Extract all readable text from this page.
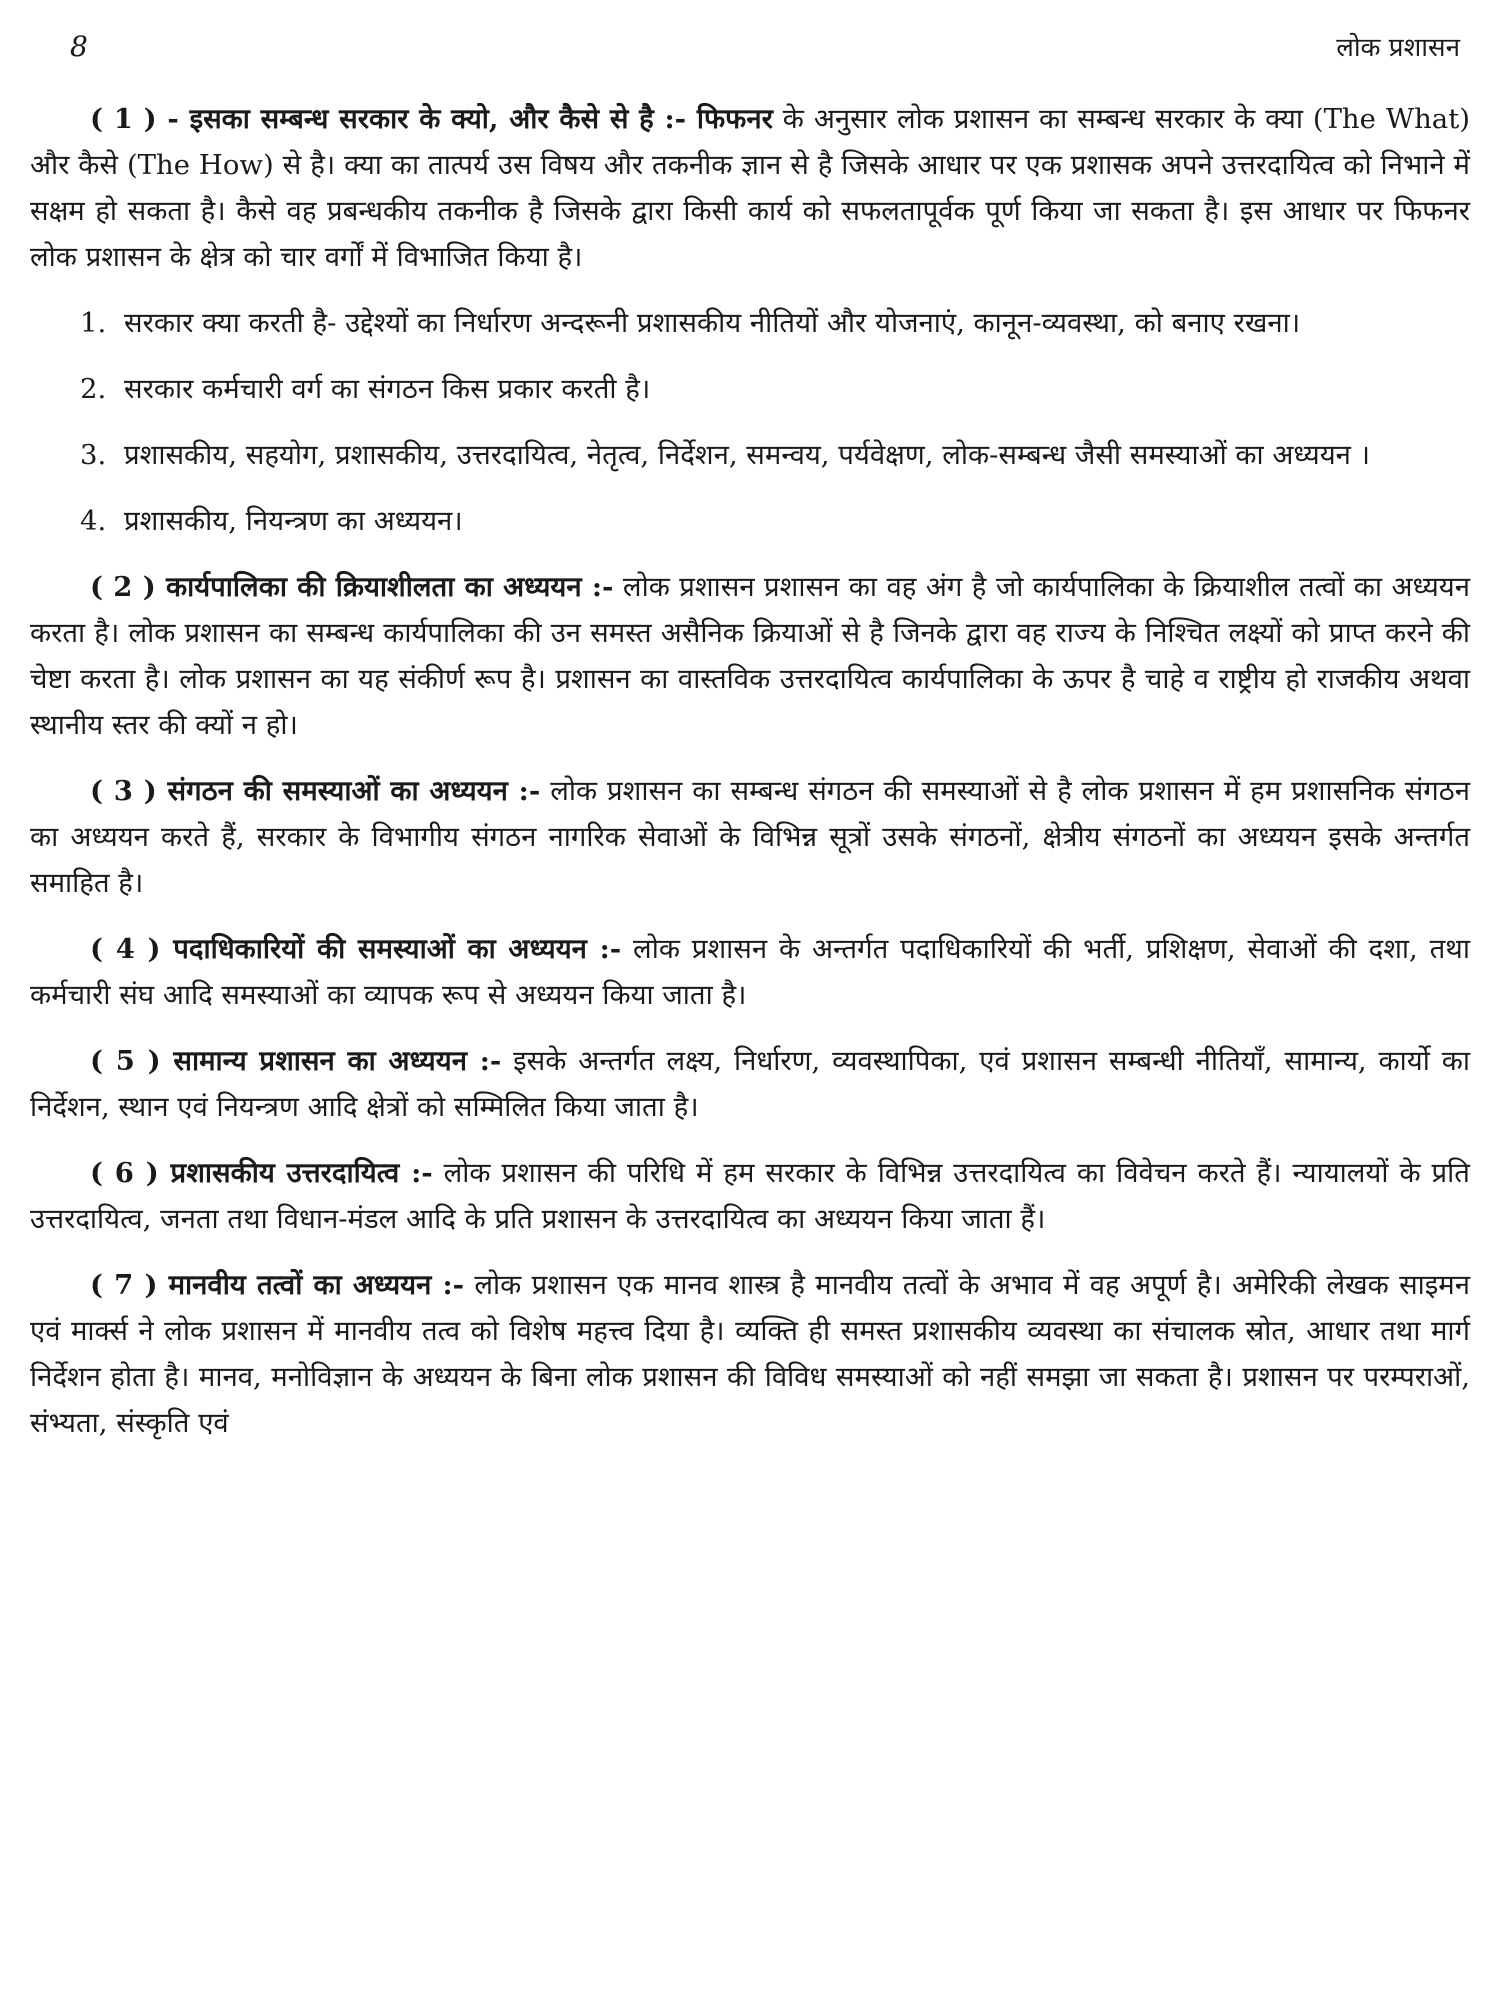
8	लोक प्रशासन

( 1 ) - इसका सम्बन्ध सरकार के क्यो, और कैसे से है :- फिफनर के अनुसार लोक प्रशासन का सम्बन्ध सरकार के क्या (The What) और कैसे (The How) से है। क्या का तात्पर्य उस विषय और तकनीक ज्ञान से है जिसके आधार पर एक प्रशासक अपने उत्तरदायित्व को निभाने में सक्षम हो सकता है। कैसे वह प्रबन्धकीय तकनीक है जिसके द्वारा किसी कार्य को सफलतापूर्वक पूर्ण किया जा सकता है। इस आधार पर फिफनर लोक प्रशासन के क्षेत्र को चार वर्गों में विभाजित किया है।

1. सरकार क्या करती है- उद्देश्यों का निर्धारण अन्दरूनी प्रशासकीय नीतियों और योजनाएं, कानून-व्यवस्था, को बनाए रखना।
2. सरकार कर्मचारी वर्ग का संगठन किस प्रकार करती है।
3. प्रशासकीय, सहयोग, प्रशासकीय, उत्तरदायित्व, नेतृत्व, निर्देशन, समन्वय, पर्यवेक्षण, लोक-सम्बन्ध जैसी समस्याओं का अध्ययन ।
4. प्रशासकीय, नियन्त्रण का अध्ययन।

( 2 ) कार्यपालिका की क्रियाशीलता का अध्ययन :- लोक प्रशासन प्रशासन का वह अंग है जो कार्यपालिका के क्रियाशील तत्वों का अध्ययन करता है। लोक प्रशासन का सम्बन्ध कार्यपालिका की उन समस्त असैनिक क्रियाओं से है जिनके द्वारा वह राज्य के निश्चित लक्ष्यों को प्राप्त करने की चेष्टा करता है। लोक प्रशासन का यह संकीर्ण रूप है। प्रशासन का वास्तविक उत्तरदायित्व कार्यपालिका के ऊपर है चाहे व राष्ट्रीय हो राजकीय अथवा स्थानीय स्तर की क्यों न हो।

( 3 ) संगठन की समस्याओं का अध्ययन :- लोक प्रशासन का सम्बन्ध संगठन की समस्याओं से है लोक प्रशासन में हम प्रशासनिक संगठन का अध्ययन करते हैं, सरकार के विभागीय संगठन नागरिक सेवाओं के विभिन्न सूत्रों उसके संगठनों, क्षेत्रीय संगठनों का अध्ययन इसके अन्तर्गत समाहित है।

( 4 ) पदाधिकारियों की समस्याओं का अध्ययन :- लोक प्रशासन के अन्तर्गत पदाधिकारियों की भर्ती, प्रशिक्षण, सेवाओं की दशा, तथा कर्मचारी संघ आदि समस्याओं का व्यापक रूप से अध्ययन किया जाता है।

( 5 ) सामान्य प्रशासन का अध्ययन :- इसके अन्तर्गत लक्ष्य, निर्धारण, व्यवस्थापिका, एवं प्रशासन सम्बन्धी नीतियाँ, सामान्य, कार्यो का निर्देशन, स्थान एवं नियन्त्रण आदि क्षेत्रों को सम्मिलित किया जाता है।

( 6 ) प्रशासकीय उत्तरदायित्व :- लोक प्रशासन की परिधि में हम सरकार के विभिन्न उत्तरदायित्व का विवेचन करते हैं। न्यायालयों के प्रति उत्तरदायित्व, जनता तथा विधान-मंडल आदि के प्रति प्रशासन के उत्तरदायित्व का अध्ययन किया जाता हैं।

( 7 ) मानवीय तत्वों का अध्ययन :- लोक प्रशासन एक मानव शास्त्र है मानवीय तत्वों के अभाव में वह अपूर्ण है। अमेरिकी लेखक साइमन एवं मार्क्स ने लोक प्रशासन में मानवीय तत्व को विशेष महत्त्व दिया है। व्यक्ति ही समस्त प्रशासकीय व्यवस्था का संचालक स्रोत, आधार तथा मार्ग निर्देशन होता है। मानव, मनोविज्ञान के अध्ययन के बिना लोक प्रशासन की विविध समस्याओं को नहीं समझा जा सकता है। प्रशासन पर परम्पराओं, संभ्यता, संस्कृति एवं
